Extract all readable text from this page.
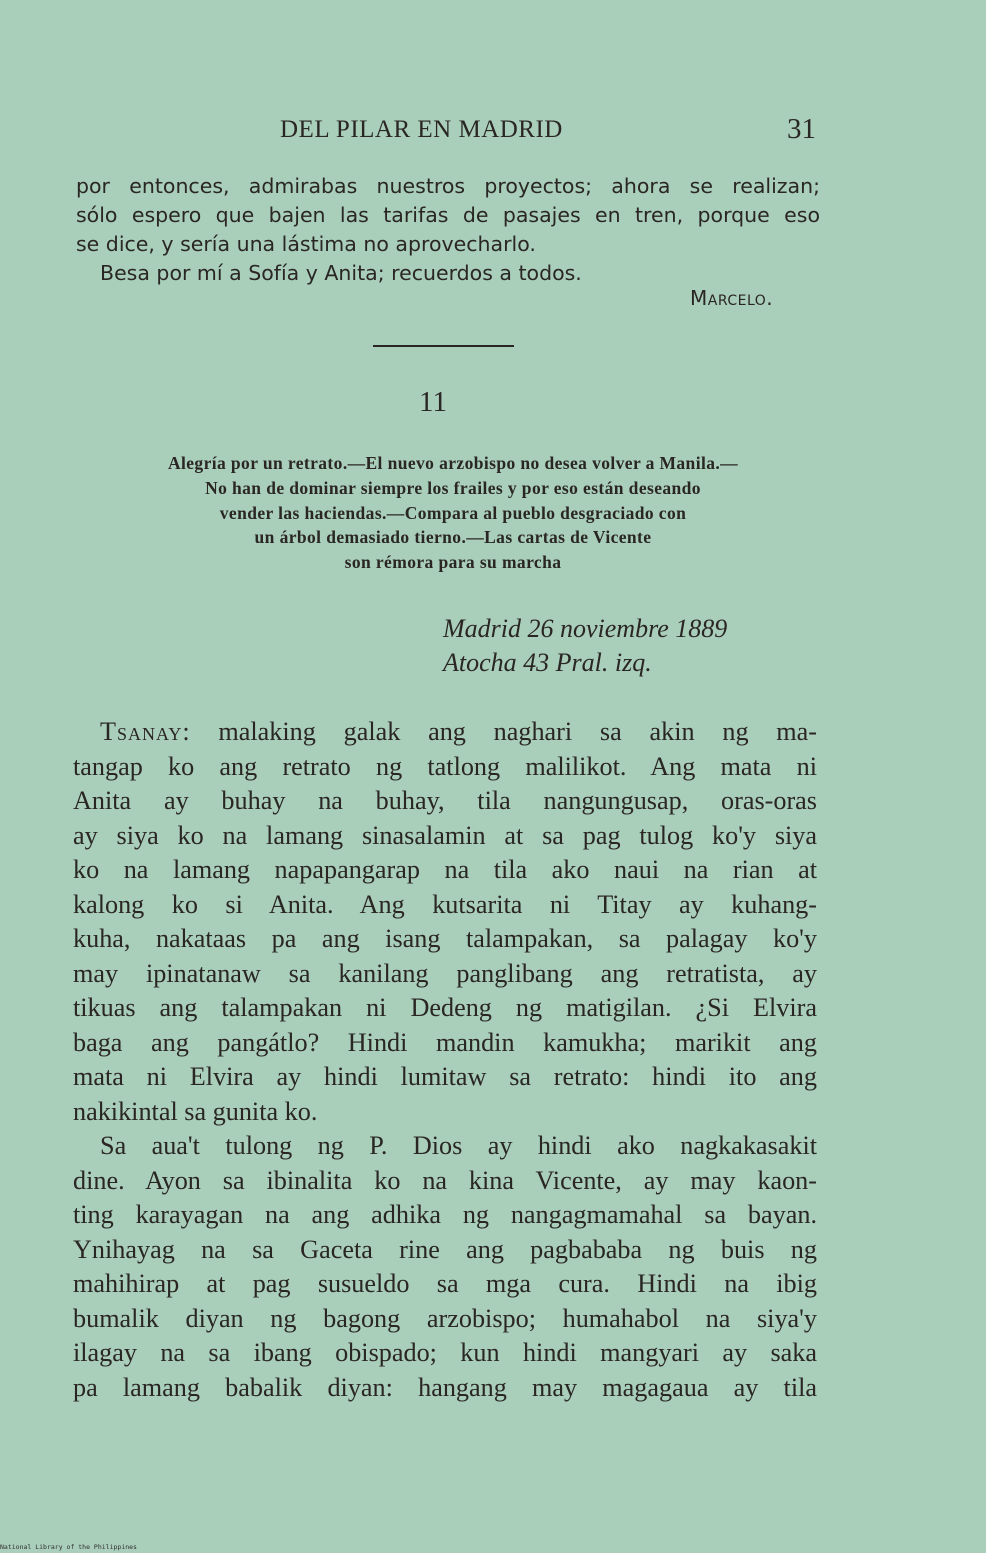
DEL PILAR EN MADRID	31
por entonces, admirabas nuestros proyectos; ahora se realizan;
sólo espero que bajen las tarifas de pasajes en tren, porque eso
se dice, y sería una lástima no aprovecharlo.
Besa por mí a Sofía y Anita; recuerdos a todos.
Marcelo.
11
Alegría por un retrato.—El nuevo arzobispo no desea volver a Manila.—
No han de dominar siempre los frailes y por eso están deseando
vender las haciendas.—Compara al pueblo desgraciado con
un árbol demasiado tierno.—Las cartas de Vicente
son rémora para su marcha
Madrid 26 noviembre 1889
Atocha 43 Pral. izq.
Tsanay: malaking galak ang naghari sa akin ng ma-
tangap ko ang retrato ng tatlong malilikot. Ang mata ni
Anita ay buhay na buhay, tila nangungusap, oras-oras
ay siya ko na lamang sinasalamin at sa pag tulog ko'y siya
ko na lamang napapangarap na tila ako naui na rian at
kalong ko si Anita. Ang kutsarita ni Titay ay kuhang-
kuha, nakataas pa ang isang talampakan, sa palagay ko'y
may ipinatanaw sa kanilang panglibang ang retratista, ay
tikuas ang talampakan ni Dedeng ng matigilan. ¿Si Elvira
baga ang pangátlo? Hindi mandin kamukha; marikit ang
mata ni Elvira ay hindi lumitaw sa retrato: hindi ito ang
nakikintal sa gunita ko.
Sa aua't tulong ng P. Dios ay hindi ako nagkakasakit
dine. Ayon sa ibinalita ko na kina Vicente, ay may kaon-
ting karayagan na ang adhika ng nangagmamahal sa bayan.
Ynihayag na sa Gaceta rine ang pagbababa ng buis ng
mahihirap at pag susueldo sa mga cura. Hindi na ibig
bumalik diyan ng bagong arzobispo; humahabol na siya'y
ilagay na sa ibang obispado; kun hindi mangyari ay saka
pa lamang babalik diyan: hangang may magagaua ay tila
National Library of the Philippines
